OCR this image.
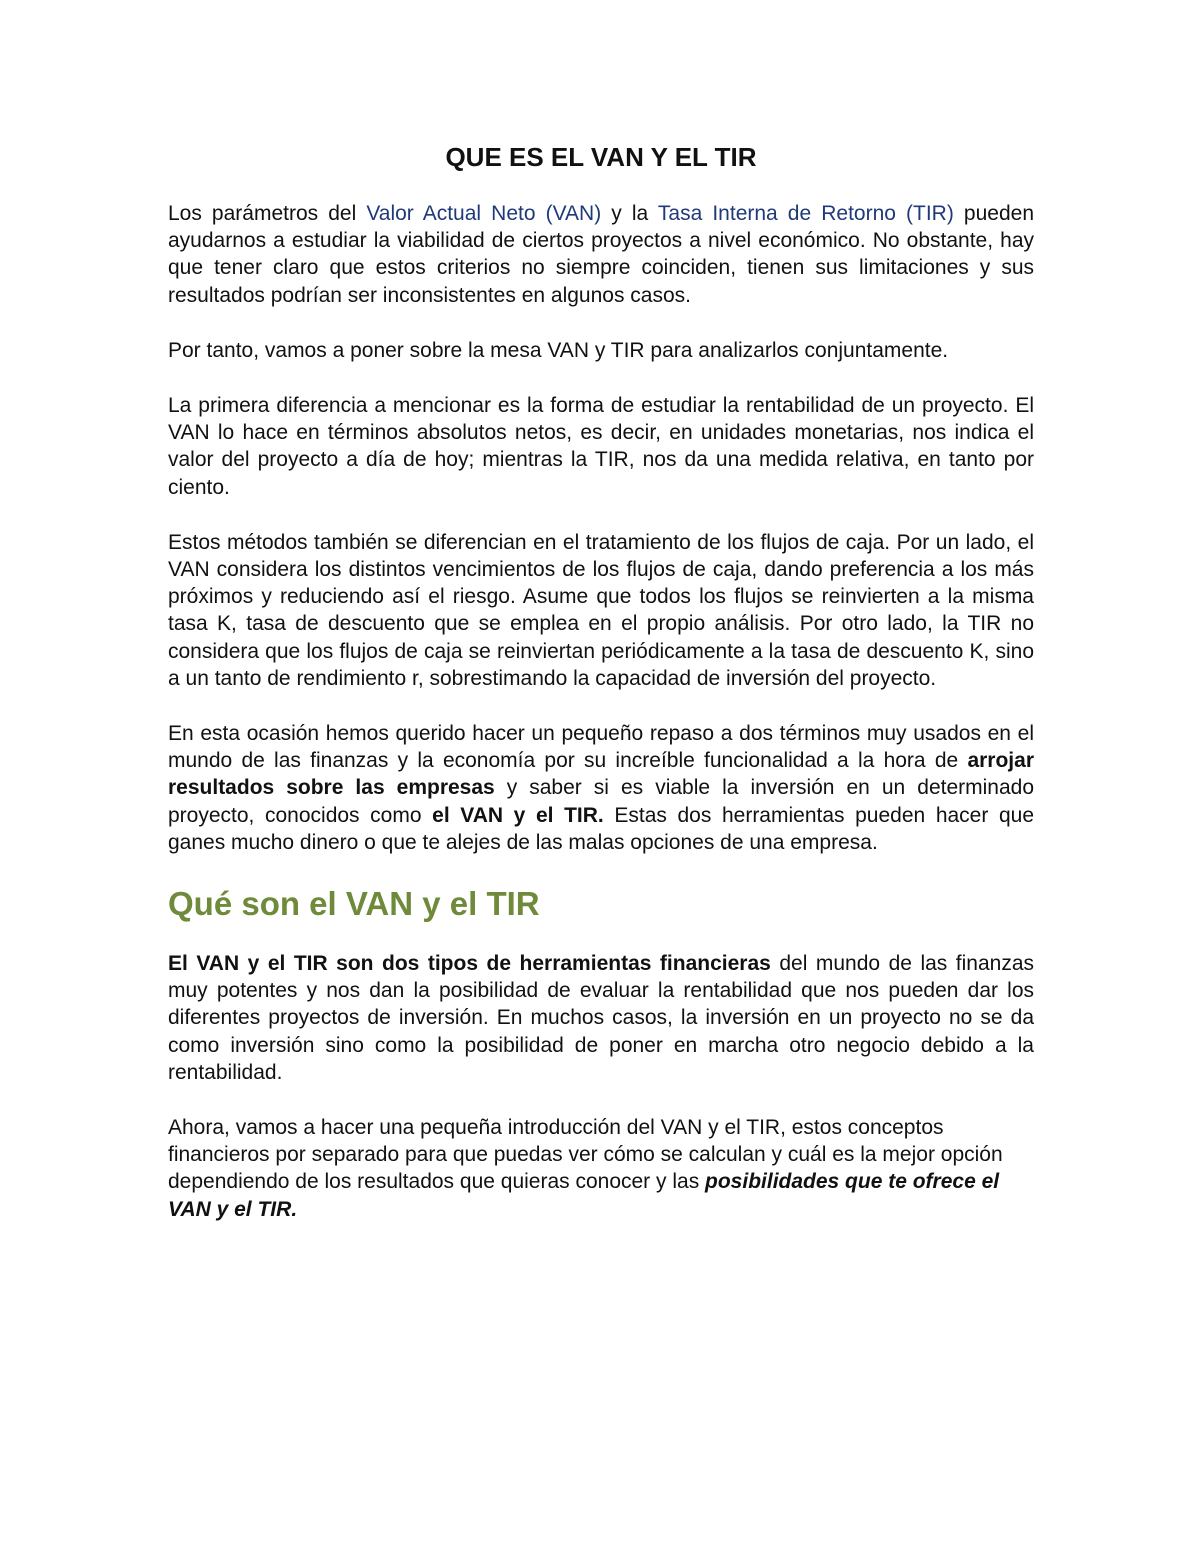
QUE ES EL VAN Y EL TIR

Los parámetros del Valor Actual Neto (VAN) y la Tasa Interna de Retorno (TIR) pueden ayudarnos a estudiar la viabilidad de ciertos proyectos a nivel económico. No obstante, hay que tener claro que estos criterios no siempre coinciden, tienen sus limitaciones y sus resultados podrían ser inconsistentes en algunos casos.

Por tanto, vamos a poner sobre la mesa VAN y TIR para analizarlos conjuntamente.

La primera diferencia a mencionar es la forma de estudiar la rentabilidad de un proyecto. El VAN lo hace en términos absolutos netos, es decir, en unidades monetarias, nos indica el valor del proyecto a día de hoy; mientras la TIR, nos da una medida relativa, en tanto por ciento.

Estos métodos también se diferencian en el tratamiento de los flujos de caja. Por un lado, el VAN considera los distintos vencimientos de los flujos de caja, dando preferencia a los más próximos y reduciendo así el riesgo. Asume que todos los flujos se reinvierten a la misma tasa K, tasa de descuento que se emplea en el propio análisis. Por otro lado, la TIR no considera que los flujos de caja se reinviertan periódicamente a la tasa de descuento K, sino a un tanto de rendimiento r, sobrestimando la capacidad de inversión del proyecto.

En esta ocasión hemos querido hacer un pequeño repaso a dos términos muy usados en el mundo de las finanzas y la economía por su increíble funcionalidad a la hora de arrojar resultados sobre las empresas y saber si es viable la inversión en un determinado proyecto, conocidos como el VAN y el TIR. Estas dos herramientas pueden hacer que ganes mucho dinero o que te alejes de las malas opciones de una empresa.

Qué son el VAN y el TIR

El VAN y el TIR son dos tipos de herramientas financieras del mundo de las finanzas muy potentes y nos dan la posibilidad de evaluar la rentabilidad que nos pueden dar los diferentes proyectos de inversión. En muchos casos, la inversión en un proyecto no se da como inversión sino como la posibilidad de poner en marcha otro negocio debido a la rentabilidad.

Ahora, vamos a hacer una pequeña introducción del VAN y el TIR, estos conceptos financieros por separado para que puedas ver cómo se calculan y cuál es la mejor opción dependiendo de los resultados que quieras conocer y las posibilidades que te ofrece el VAN y el TIR.
